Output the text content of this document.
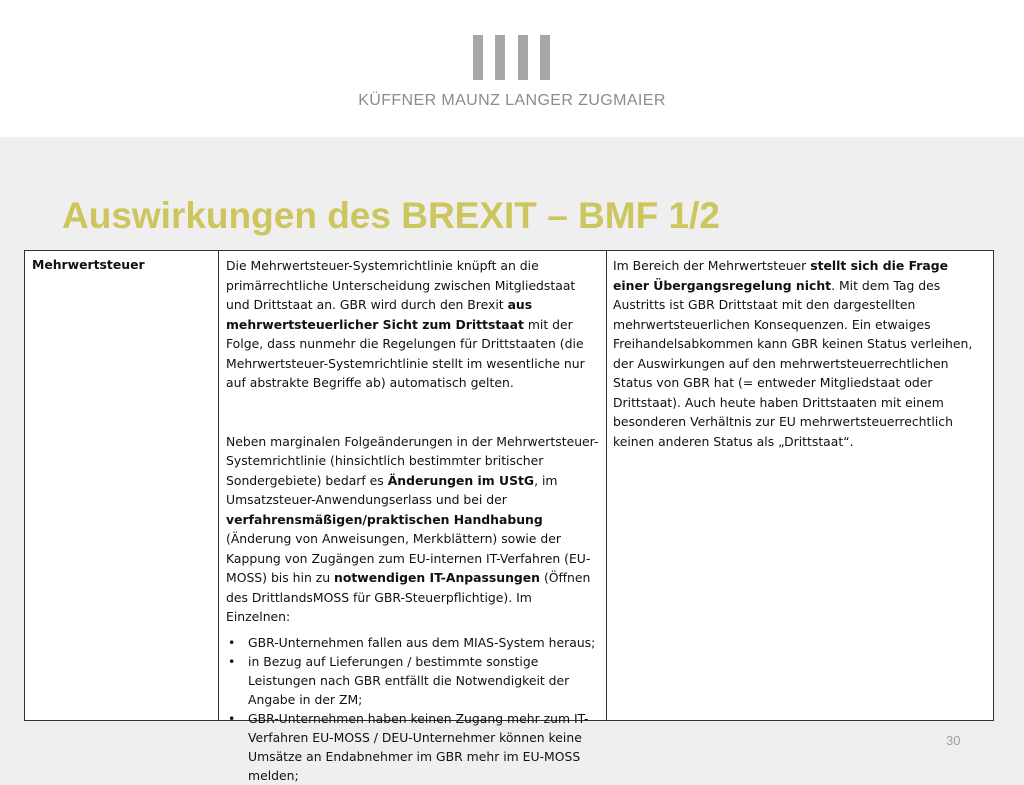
KÜFFNER MAUNZ LANGER ZUGMAIER
Auswirkungen des BREXIT – BMF 1/2
Mehrwertsteuer	Die Mehrwertsteuer-Systemrichtlinie knüpft an die primärrechtliche Unterscheidung zwischen Mitgliedstaat und Drittstaat an. GBR wird durch den Brexit aus mehrwertsteuerlicher Sicht zum Drittstaat mit der Folge, dass nunmehr die Regelungen für Drittstaaten (die Mehrwertsteuer-Systemrichtlinie stellt im wesentliche nur auf abstrakte Begriffe ab) automatisch gelten.

Neben marginalen Folgeänderungen in der Mehrwertsteuer-Systemrichtlinie (hinsichtlich bestimmter britischer Sondergebiete) bedarf es Änderungen im UStG, im Umsatzsteuer-Anwendungserlass und bei der verfahrensmäßigen/praktischen Handhabung (Änderung von Anweisungen, Merkblättern) sowie der Kappung von Zugängen zum EU-internen IT-Verfahren (EU-MOSS) bis hin zu notwendigen IT-Anpassungen (Öffnen des DrittlandsMOSS für GBR-Steuerpflichtige). Im Einzelnen:

• GBR-Unternehmen fallen aus dem MIAS-System heraus;
• in Bezug auf Lieferungen / bestimmte sonstige Leistungen nach GBR entfällt die Notwendigkeit der Angabe in der ZM;
• GBR-Unternehmen haben keinen Zugang mehr zum IT-Verfahren EU-MOSS / DEU-Unternehmer können keine Umsätze an Endabnehmer im GBR mehr im EU-MOSS melden;

Im Bereich der Mehrwertsteuer stellt sich die Frage einer Übergangsregelung nicht. Mit dem Tag des Austritts ist GBR Drittstaat mit den dargestellten mehrwertsteuerlichen Konsequenzen. Ein etwaiges Freihandelsabkommen kann GBR keinen Status verleihen, der Auswirkungen auf den mehrwertsteuerrechtlichen Status von GBR hat (= entweder Mitgliedstaat oder Drittstaat). Auch heute haben Drittstaaten mit einem besonderen Verhältnis zur EU mehrwertsteuerrechtlich keinen anderen Status als „Drittstaat“.

30
